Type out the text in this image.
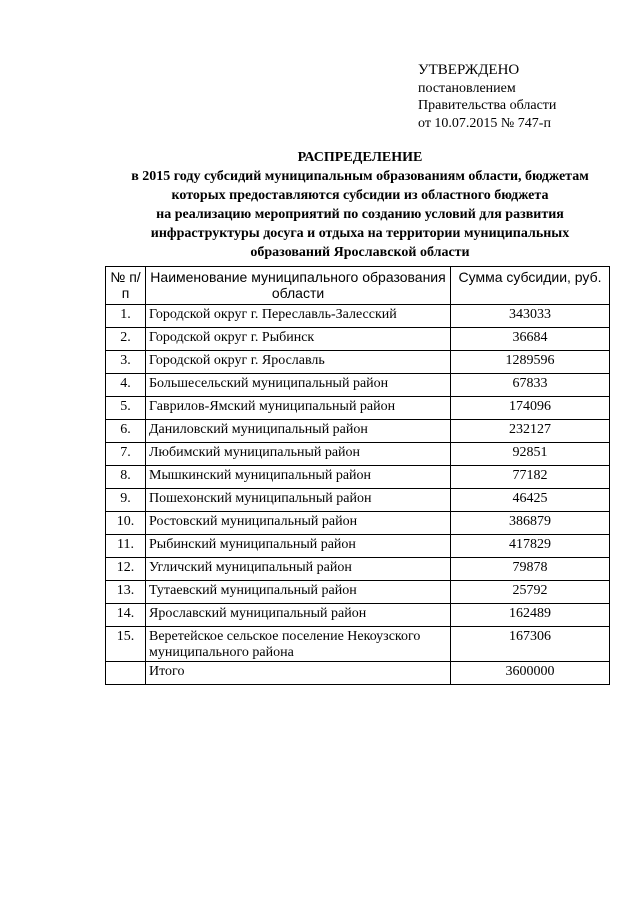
УТВЕРЖДЕНО
постановлением
Правительства области
от 10.07.2015 № 747-п
РАСПРЕДЕЛЕНИЕ
в 2015 году субсидий муниципальным образованиям области, бюджетам
которых предоставляются субсидии из областного бюджета
на реализацию мероприятий по созданию условий для развития
инфраструктуры досуга и отдыха на территории муниципальных
образований Ярославской области
№ п/п	Наименование муниципального образования области	Сумма субсидии, руб.
1.	Городской округ г. Переславль-Залесский	343033
2.	Городской округ г. Рыбинск	36684
3.	Городской округ г. Ярославль	1289596
4.	Большесельский муниципальный район	67833
5.	Гаврилов-Ямский муниципальный район	174096
6.	Даниловский муниципальный район	232127
7.	Любимский муниципальный район	92851
8.	Мышкинский муниципальный район	77182
9.	Пошехонский муниципальный район	46425
10.	Ростовский муниципальный район	386879
11.	Рыбинский муниципальный район	417829
12.	Угличский муниципальный район	79878
13.	Тутаевский муниципальный район	25792
14.	Ярославский муниципальный район	162489
15.	Веретейское сельское поселение Некоузского муниципального района	167306
	Итого	3600000
